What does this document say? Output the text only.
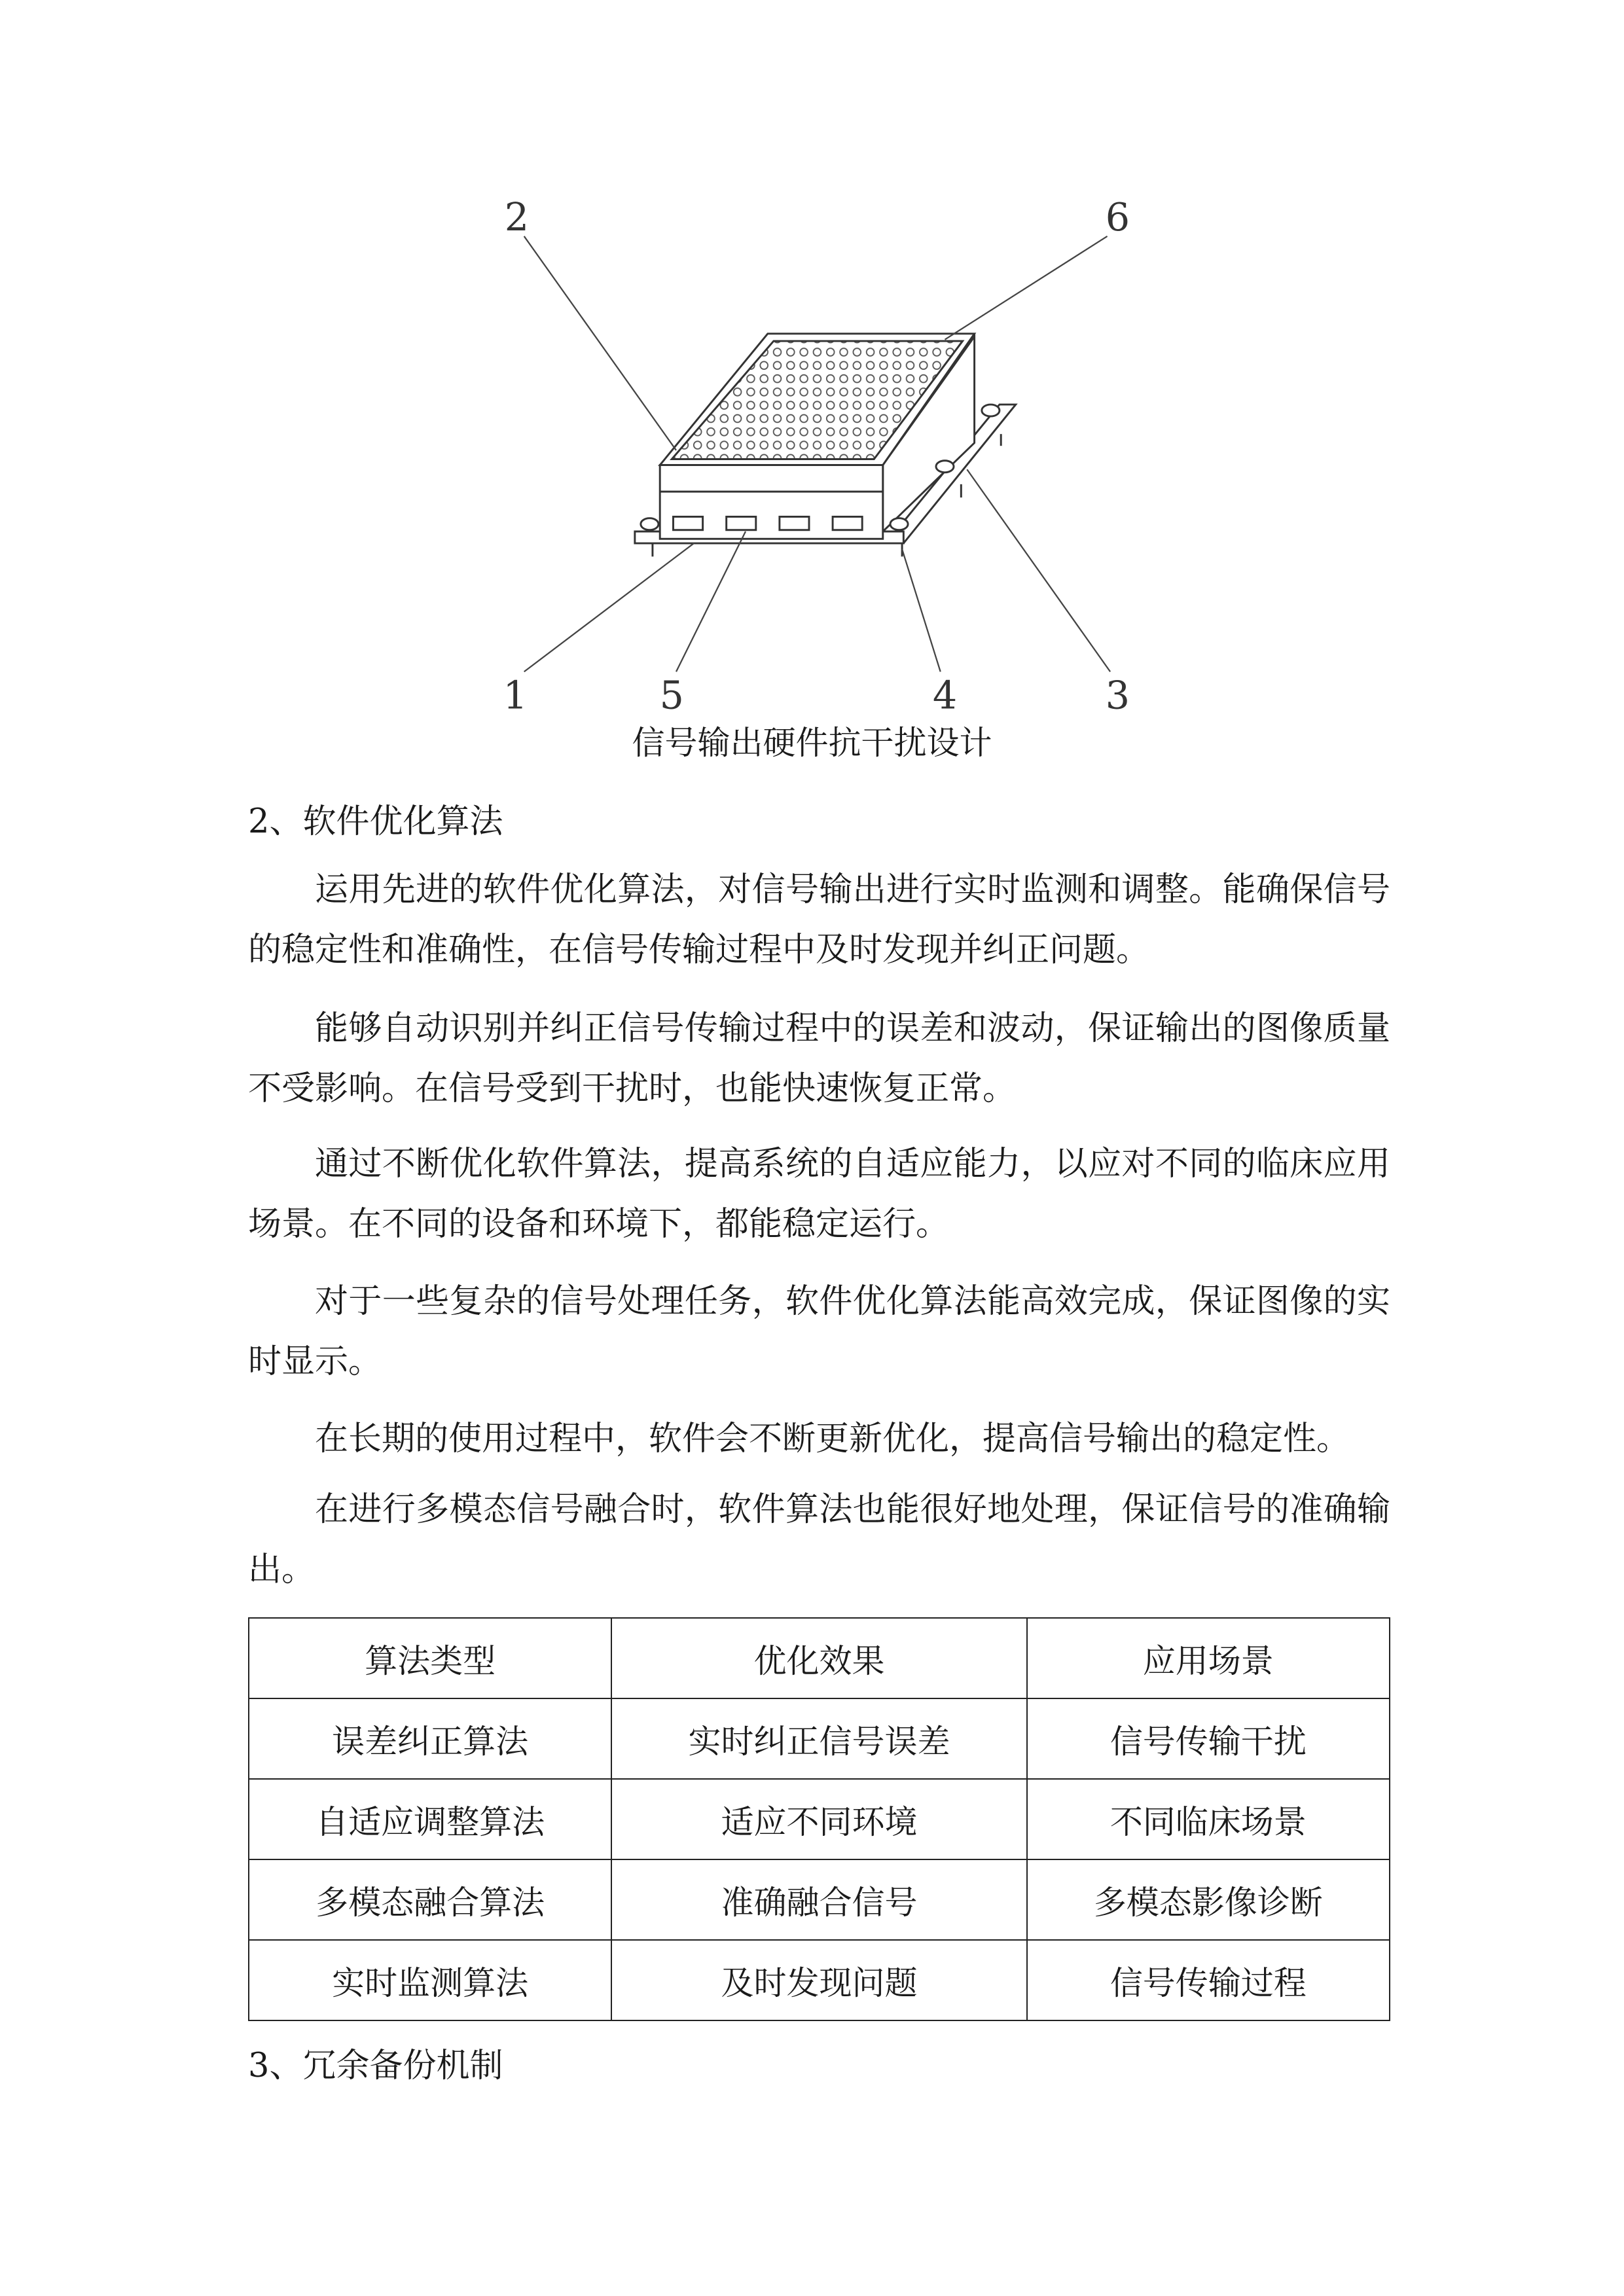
2	6
1	5	4	3
信号输出硬件抗干扰设计
2、软件优化算法
运用先进的软件优化算法，对信号输出进行实时监测和调整。能确保信号的稳定性和准确性，在信号传输过程中及时发现并纠正问题。
能够自动识别并纠正信号传输过程中的误差和波动，保证输出的图像质量不受影响。在信号受到干扰时，也能快速恢复正常。
通过不断优化软件算法，提高系统的自适应能力，以应对不同的临床应用场景。在不同的设备和环境下，都能稳定运行。
对于一些复杂的信号处理任务，软件优化算法能高效完成，保证图像的实时显示。
在长期的使用过程中，软件会不断更新优化，提高信号输出的稳定性。
在进行多模态信号融合时，软件算法也能很好地处理，保证信号的准确输出。
算法类型	优化效果	应用场景
误差纠正算法	实时纠正信号误差	信号传输干扰
自适应调整算法	适应不同环境	不同临床场景
多模态融合算法	准确融合信号	多模态影像诊断
实时监测算法	及时发现问题	信号传输过程
3、冗余备份机制
